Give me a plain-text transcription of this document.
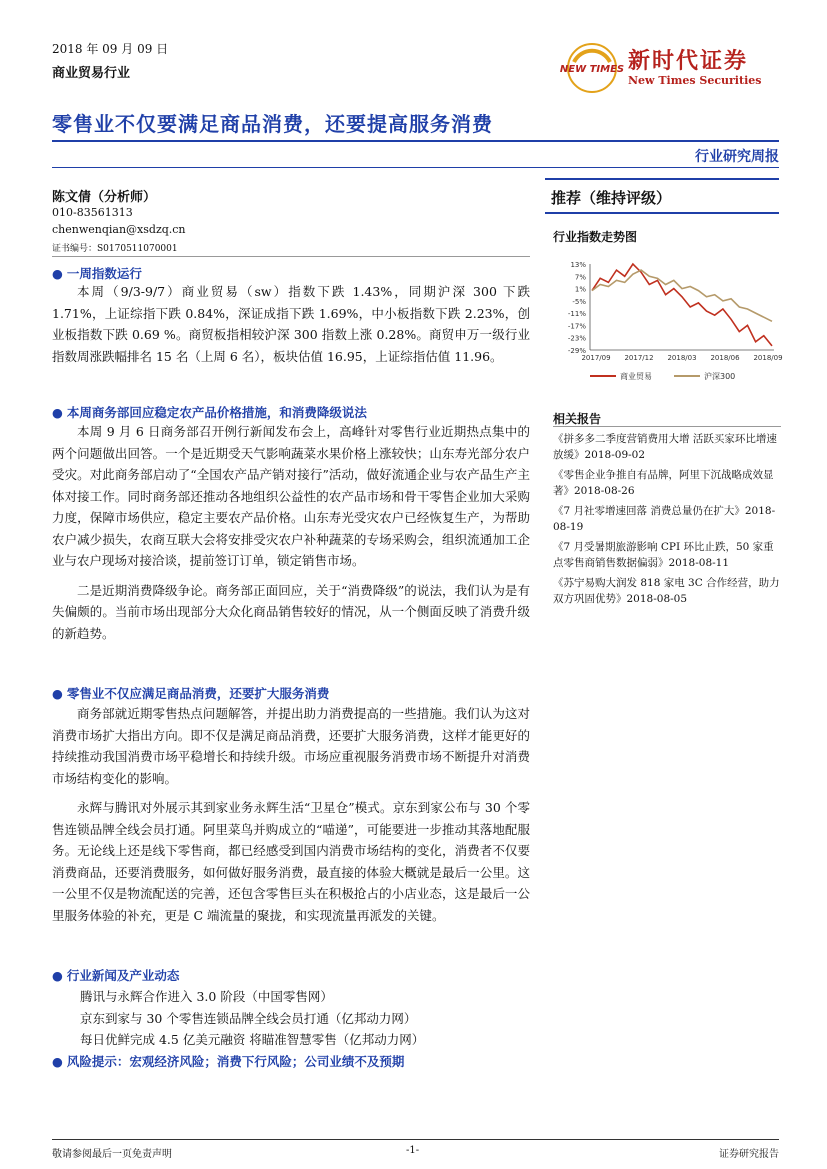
2018 年 09 月 09 日
商业贸易行业	NEW TIMES 新时代证券
New Times Securities
零售业不仅要满足商品消费，还要提高服务消费
行业研究周报
陈文倩（分析师）
010-83561313
chenwenqian@xsdzq.cn
证书编号：S0170511070001
● 一周指数运行

本周（9/3-9/7）商业贸易（sw）指数下跌 1.43%，同期沪深 300 下跌 1.71%，上证综指下跌 0.84%，深证成指下跌 1.69%，中小板指数下跌 2.23%，创业板指数下跌 0.69 %。商贸板指相较沪深 300 指数上涨 0.28%。商贸申万一级行业指数周涨跌幅排名 15 名（上周 6 名），板块估值 16.95，上证综指估值 11.96。

● 本周商务部回应稳定农产品价格措施，和消费降级说法

本周 9 月 6 日商务部召开例行新闻发布会上，高峰针对零售行业近期热点集中的两个问题做出回答。一个是近期受天气影响蔬菜水果价格上涨较快；山东寿光部分农户受灾。对此商务部启动了“全国农产品产销对接行”活动，做好流通企业与农产品生产主体对接工作。同时商务部还推动各地组织公益性的农产品市场和骨干零售企业加大采购力度，保障市场供应，稳定主要农产品价格。山东寿光受灾农户已经恢复生产，为帮助农户减少损失，农商互联大会将安排受灾农户补种蔬菜的专场采购会，组织流通加工企业与农户现场对接洽谈，提前签订订单，锁定销售市场。

二是近期消费降级争论。商务部正面回应，关于“消费降级”的说法，我们认为是有失偏颇的。当前市场出现部分大众化商品销售较好的情况，从一个侧面反映了消费升级的新趋势。

● 零售业不仅应满足商品消费，还要扩大服务消费

商务部就近期零售热点问题解答，并提出助力消费提高的一些措施。我们认为这对消费市场扩大指出方向。即不仅是满足商品消费，还要扩大服务消费，这样才能更好的持续推动我国消费市场平稳增长和持续升级。市场应重视服务消费市场不断提升对消费市场结构变化的影响。

永辉与腾讯对外展示其到家业务永辉生活“卫星仓”模式。京东到家公布与 30 个零售连锁品牌全线会员打通。阿里菜鸟并购成立的“喵递”，可能要进一步推动其落地配服务。无论线上还是线下零售商，都已经感受到国内消费市场结构的变化，消费者不仅要消费商品，还要消费服务，如何做好服务消费，最直接的体验大概就是最后一公里。这一公里不仅是物流配送的完善，还包含零售巨头在积极抢占的小店业态，这是最后一公里服务体验的补充，更是 C 端流量的聚拢，和实现流量再派发的关键。

● 行业新闻及产业动态
腾讯与永辉合作进入 3.0 阶段（中国零售网）
京东到家与 30 个零售连锁品牌全线会员打通（亿邦动力网）
每日优鲜完成 4.5 亿美元融资 将瞄准智慧零售（亿邦动力网）
● 风险提示：宏观经济风险；消费下行风险；公司业绩不及预期
推荐（维持评级）
行业指数走势图
13%
7%
1%
-5%
-11%
-17%
-23%
-29%
2017/09 2017/12 2018/03 2018/06 2018/09
商业贸易	沪深300
相关报告
《拼多多二季度营销费用大增 活跃买家环比增速放缓》2018-09-02
《零售企业争推自有品牌，阿里下沉战略成效显著》2018-08-26
《7 月社零增速回落 消费总量仍在扩大》2018-08-19
《7 月受暑期旅游影响 CPI 环比止跌，50 家重点零售商销售数据偏弱》2018-08-11
《苏宁易购大润发 818 家电 3C 合作经营，助力双方巩固优势》2018-08-05
敬请参阅最后一页免责声明	-1-	证券研究报告
